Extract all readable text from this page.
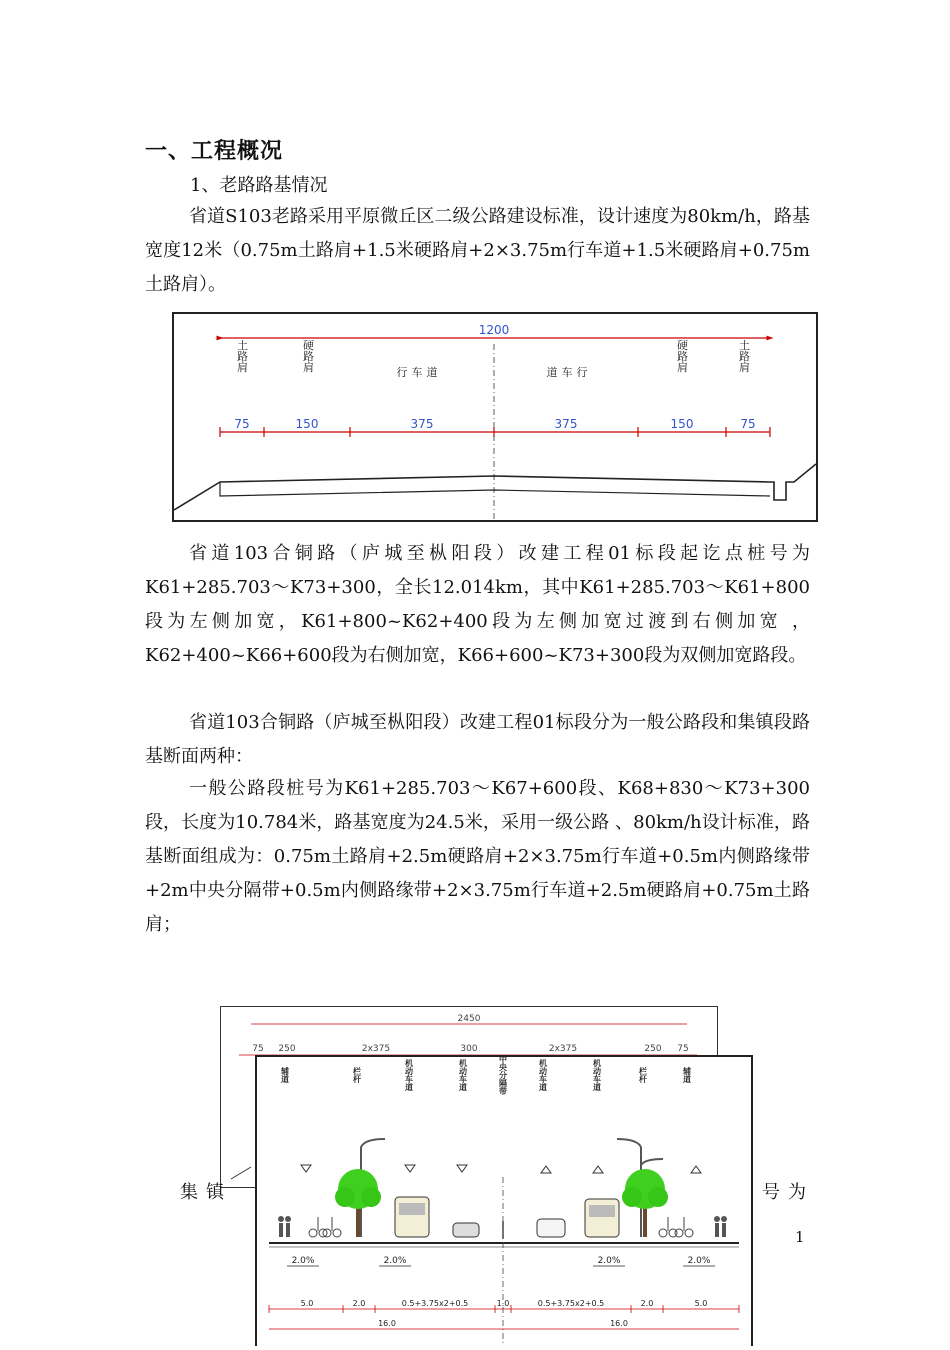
一、工程概况
1、老路路基情况

省道S103老路采用平原微丘区二级公路建设标准，设计速度为80km/h，路基宽度12米（0.75m土路肩+1.5米硬路肩+2×3.75m行车道+1.5米硬路肩+0.75m土路肩）。

1200
土路肩	硬路肩	行车道	道车行	硬路肩	土路肩
75	150	375	375	150	75

省道103合铜路（庐城至枞阳段）改建工程01标段起讫点桩号为K61+285.703～K73+300，全长12.014km，其中K61+285.703～K61+800段为左侧加宽，K61+800~K62+400段为左侧加宽过渡到右侧加宽 ，K62+400~K66+600段为右侧加宽，K66+600~K73+300段为双侧加宽路段。

省道103合铜路（庐城至枞阳段）改建工程01标段分为一般公路段和集镇段路基断面两种：

一般公路段桩号为K61+285.703～K67+600段、K68+830～K73+300段，长度为10.784米，路基宽度为24.5米，采用一级公路 、80km/h设计标准，路基断面组成为：0.75m土路肩+2.5m硬路肩+2×3.75m行车道+0.5m内侧路缘带+2m中央分隔带+0.5m内侧路缘带+2×3.75m行车道+2.5m硬路肩+0.75m土路肩；

2450
75 250	2x375	300	2x375	250 75
集镇	号为
1
辅道	栏杆	机动车道	机动车道	中央分隔带	机动车道	机动车道	栏杆	辅道
2.0%	2.0%	2.0%	2.0%
5.0	2.0	0.5+3.75x2+0.5	1.0	0.5+3.75x2+0.5	2.0	5.0
16.0	16.0
